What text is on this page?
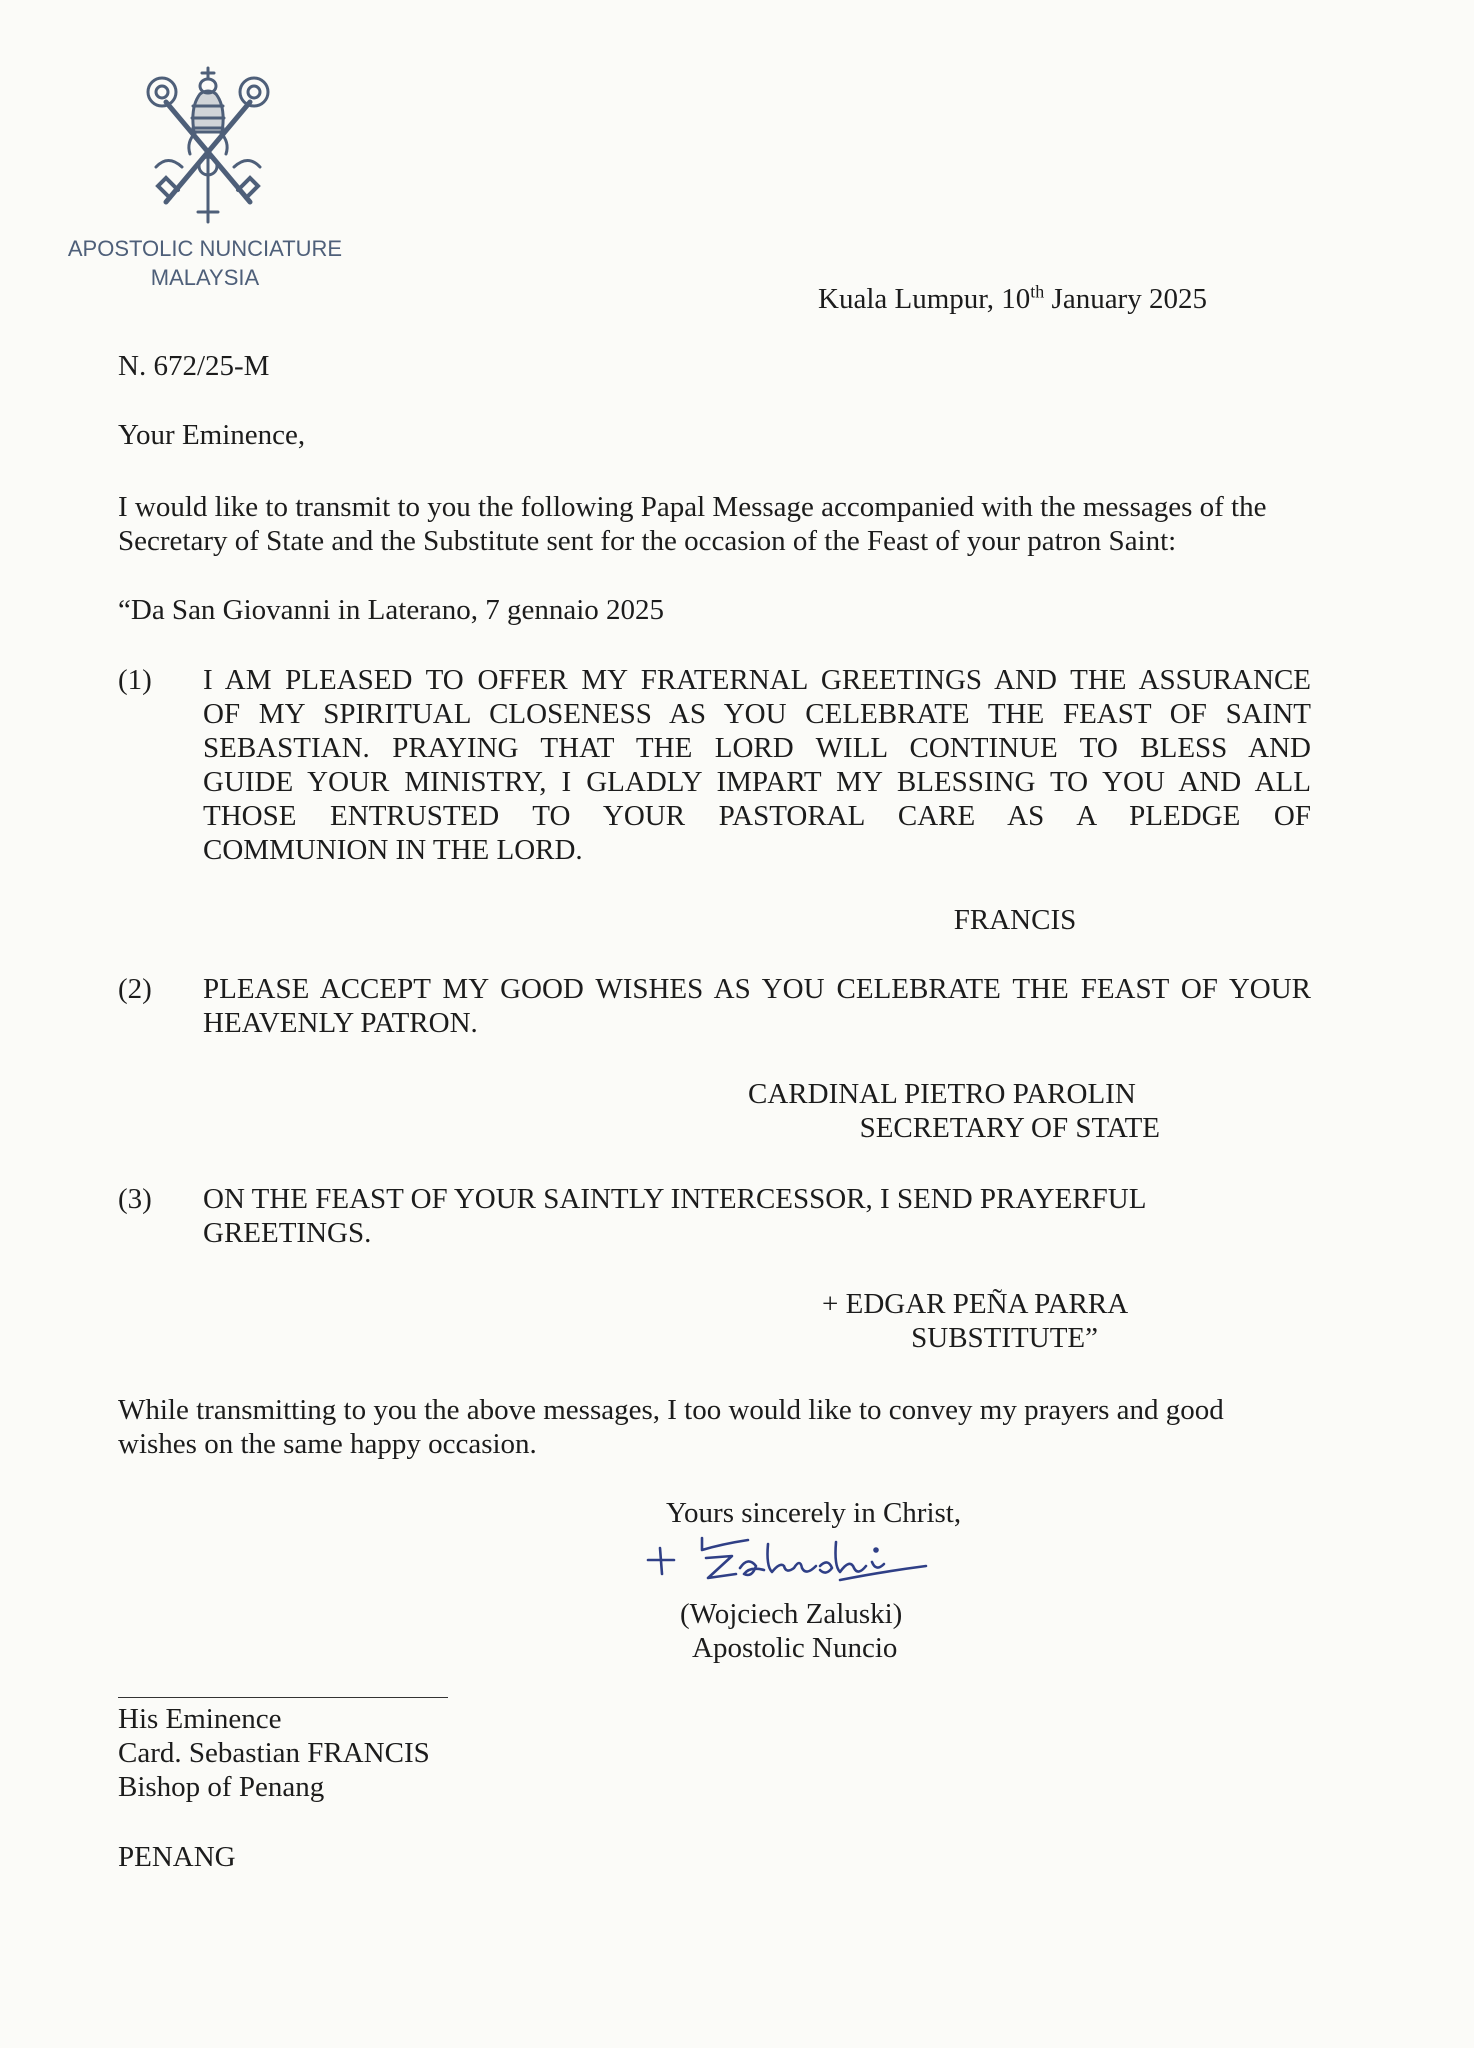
APOSTOLIC NUNCIATURE
MALAYSIA
Kuala Lumpur, 10th January 2025
N. 672/25-M
Your Eminence,
I would like to transmit to you the following Papal Message accompanied with the messages of the
Secretary of State and the Substitute sent for the occasion of the Feast of your patron Saint:
“Da San Giovanni in Laterano, 7 gennaio 2025
(1) I AM PLEASED TO OFFER MY FRATERNAL GREETINGS AND THE ASSURANCE
OF MY SPIRITUAL CLOSENESS AS YOU CELEBRATE THE FEAST OF SAINT
SEBASTIAN. PRAYING THAT THE LORD WILL CONTINUE TO BLESS AND
GUIDE YOUR MINISTRY, I GLADLY IMPART MY BLESSING TO YOU AND ALL
THOSE ENTRUSTED TO YOUR PASTORAL CARE AS A PLEDGE OF
COMMUNION IN THE LORD.
FRANCIS
(2) PLEASE ACCEPT MY GOOD WISHES AS YOU CELEBRATE THE FEAST OF YOUR
HEAVENLY PATRON.
CARDINAL PIETRO PAROLIN
SECRETARY OF STATE
(3) ON THE FEAST OF YOUR SAINTLY INTERCESSOR, I SEND PRAYERFUL
GREETINGS.
+ EDGAR PEÑA PARRA
SUBSTITUTE”
While transmitting to you the above messages, I too would like to convey my prayers and good
wishes on the same happy occasion.
Yours sincerely in Christ,
(Wojciech Zaluski)
Apostolic Nuncio
His Eminence
Card. Sebastian FRANCIS
Bishop of Penang
PENANG
